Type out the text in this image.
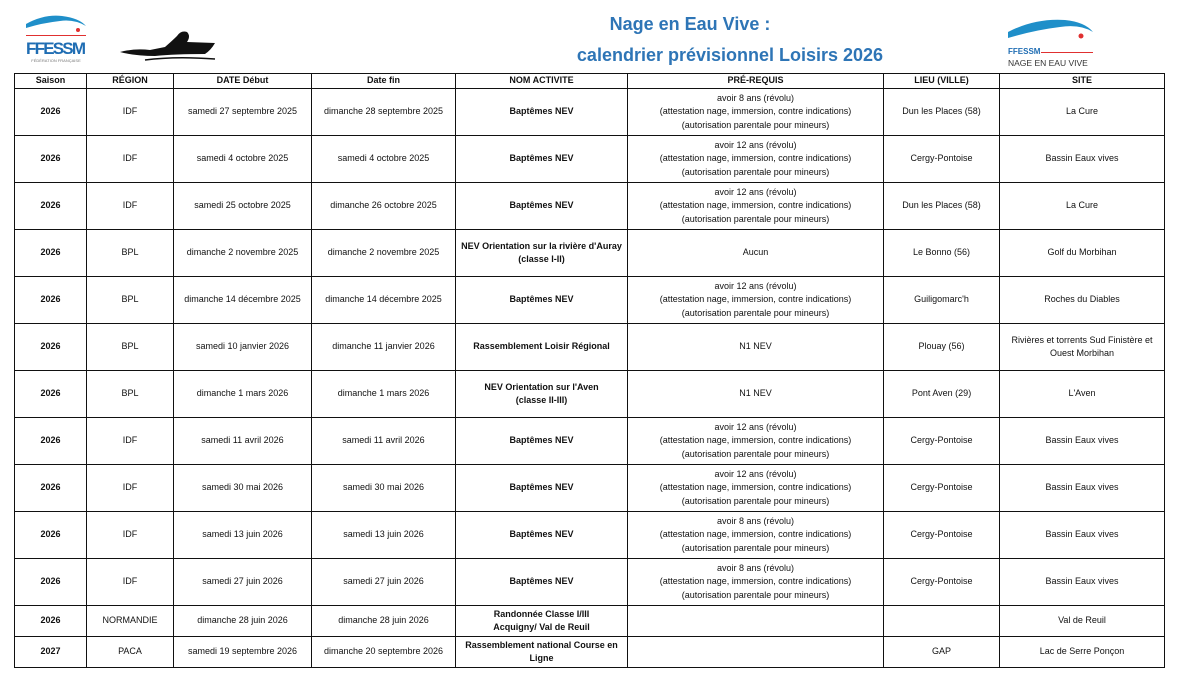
FFESSM
FÉDÉRATION FRANÇAISE
FFESSM
NAGE EN EAU VIVE
Nage en Eau Vive :
calendrier prévisionnel Loisirs 2026
Saison	RÉGION	DATE Début	Date fin	NOM ACTIVITE	PRÉ-REQUIS	LIEU (VILLE)	SITE
2026	IDF	samedi 27 septembre 2025	dimanche 28 septembre 2025	Baptêmes NEV	avoir 8 ans (révolu)
(attestation nage, immersion, contre indications)
(autorisation parentale pour mineurs)	Dun les Places (58)	La Cure
2026	IDF	samedi 4 octobre 2025	samedi 4 octobre 2025	Baptêmes NEV	avoir 12 ans (révolu)
(attestation nage, immersion, contre indications)
(autorisation parentale pour mineurs)	Cergy-Pontoise	Bassin Eaux vives
2026	IDF	samedi 25 octobre 2025	dimanche 26 octobre 2025	Baptêmes NEV	avoir 12 ans (révolu)
(attestation nage, immersion, contre indications)
(autorisation parentale pour mineurs)	Dun les Places (58)	La Cure
2026	BPL	dimanche 2 novembre 2025	dimanche 2 novembre 2025	NEV Orientation sur la rivière d'Auray
(classe I-II)	Aucun	Le Bonno (56)	Golf du Morbihan
2026	BPL	dimanche 14 décembre 2025	dimanche 14 décembre 2025	Baptêmes NEV	avoir 12 ans (révolu)
(attestation nage, immersion, contre indications)
(autorisation parentale pour mineurs)	Guiligomarc'h	Roches du Diables
2026	BPL	samedi 10 janvier 2026	dimanche 11 janvier 2026	Rassemblement Loisir Régional	N1 NEV	Plouay (56)	Rivières et torrents Sud Finistère et Ouest Morbihan
2026	BPL	dimanche 1 mars 2026	dimanche 1 mars 2026	NEV Orientation sur l'Aven
(classe II-III)	N1 NEV	Pont Aven (29)	L'Aven
2026	IDF	samedi 11 avril 2026	samedi 11 avril 2026	Baptêmes NEV	avoir 12 ans (révolu)
(attestation nage, immersion, contre indications)
(autorisation parentale pour mineurs)	Cergy-Pontoise	Bassin Eaux vives
2026	IDF	samedi 30 mai 2026	samedi 30 mai 2026	Baptêmes NEV	avoir 12 ans (révolu)
(attestation nage, immersion, contre indications)
(autorisation parentale pour mineurs)	Cergy-Pontoise	Bassin Eaux vives
2026	IDF	samedi 13 juin 2026	samedi 13 juin 2026	Baptêmes NEV	avoir 8 ans (révolu)
(attestation nage, immersion, contre indications)
(autorisation parentale pour mineurs)	Cergy-Pontoise	Bassin Eaux vives
2026	IDF	samedi 27 juin 2026	samedi 27 juin 2026	Baptêmes NEV	avoir 8 ans (révolu)
(attestation nage, immersion, contre indications)
(autorisation parentale pour mineurs)	Cergy-Pontoise	Bassin Eaux vives
2026	NORMANDIE	dimanche 28 juin 2026	dimanche 28 juin 2026	Randonnée Classe I/III
Acquigny/ Val de Reuil			Val de Reuil
2027	PACA	samedi 19 septembre 2026	dimanche 20 septembre 2026	Rassemblement national Course en Ligne		GAP	Lac de Serre Ponçon
